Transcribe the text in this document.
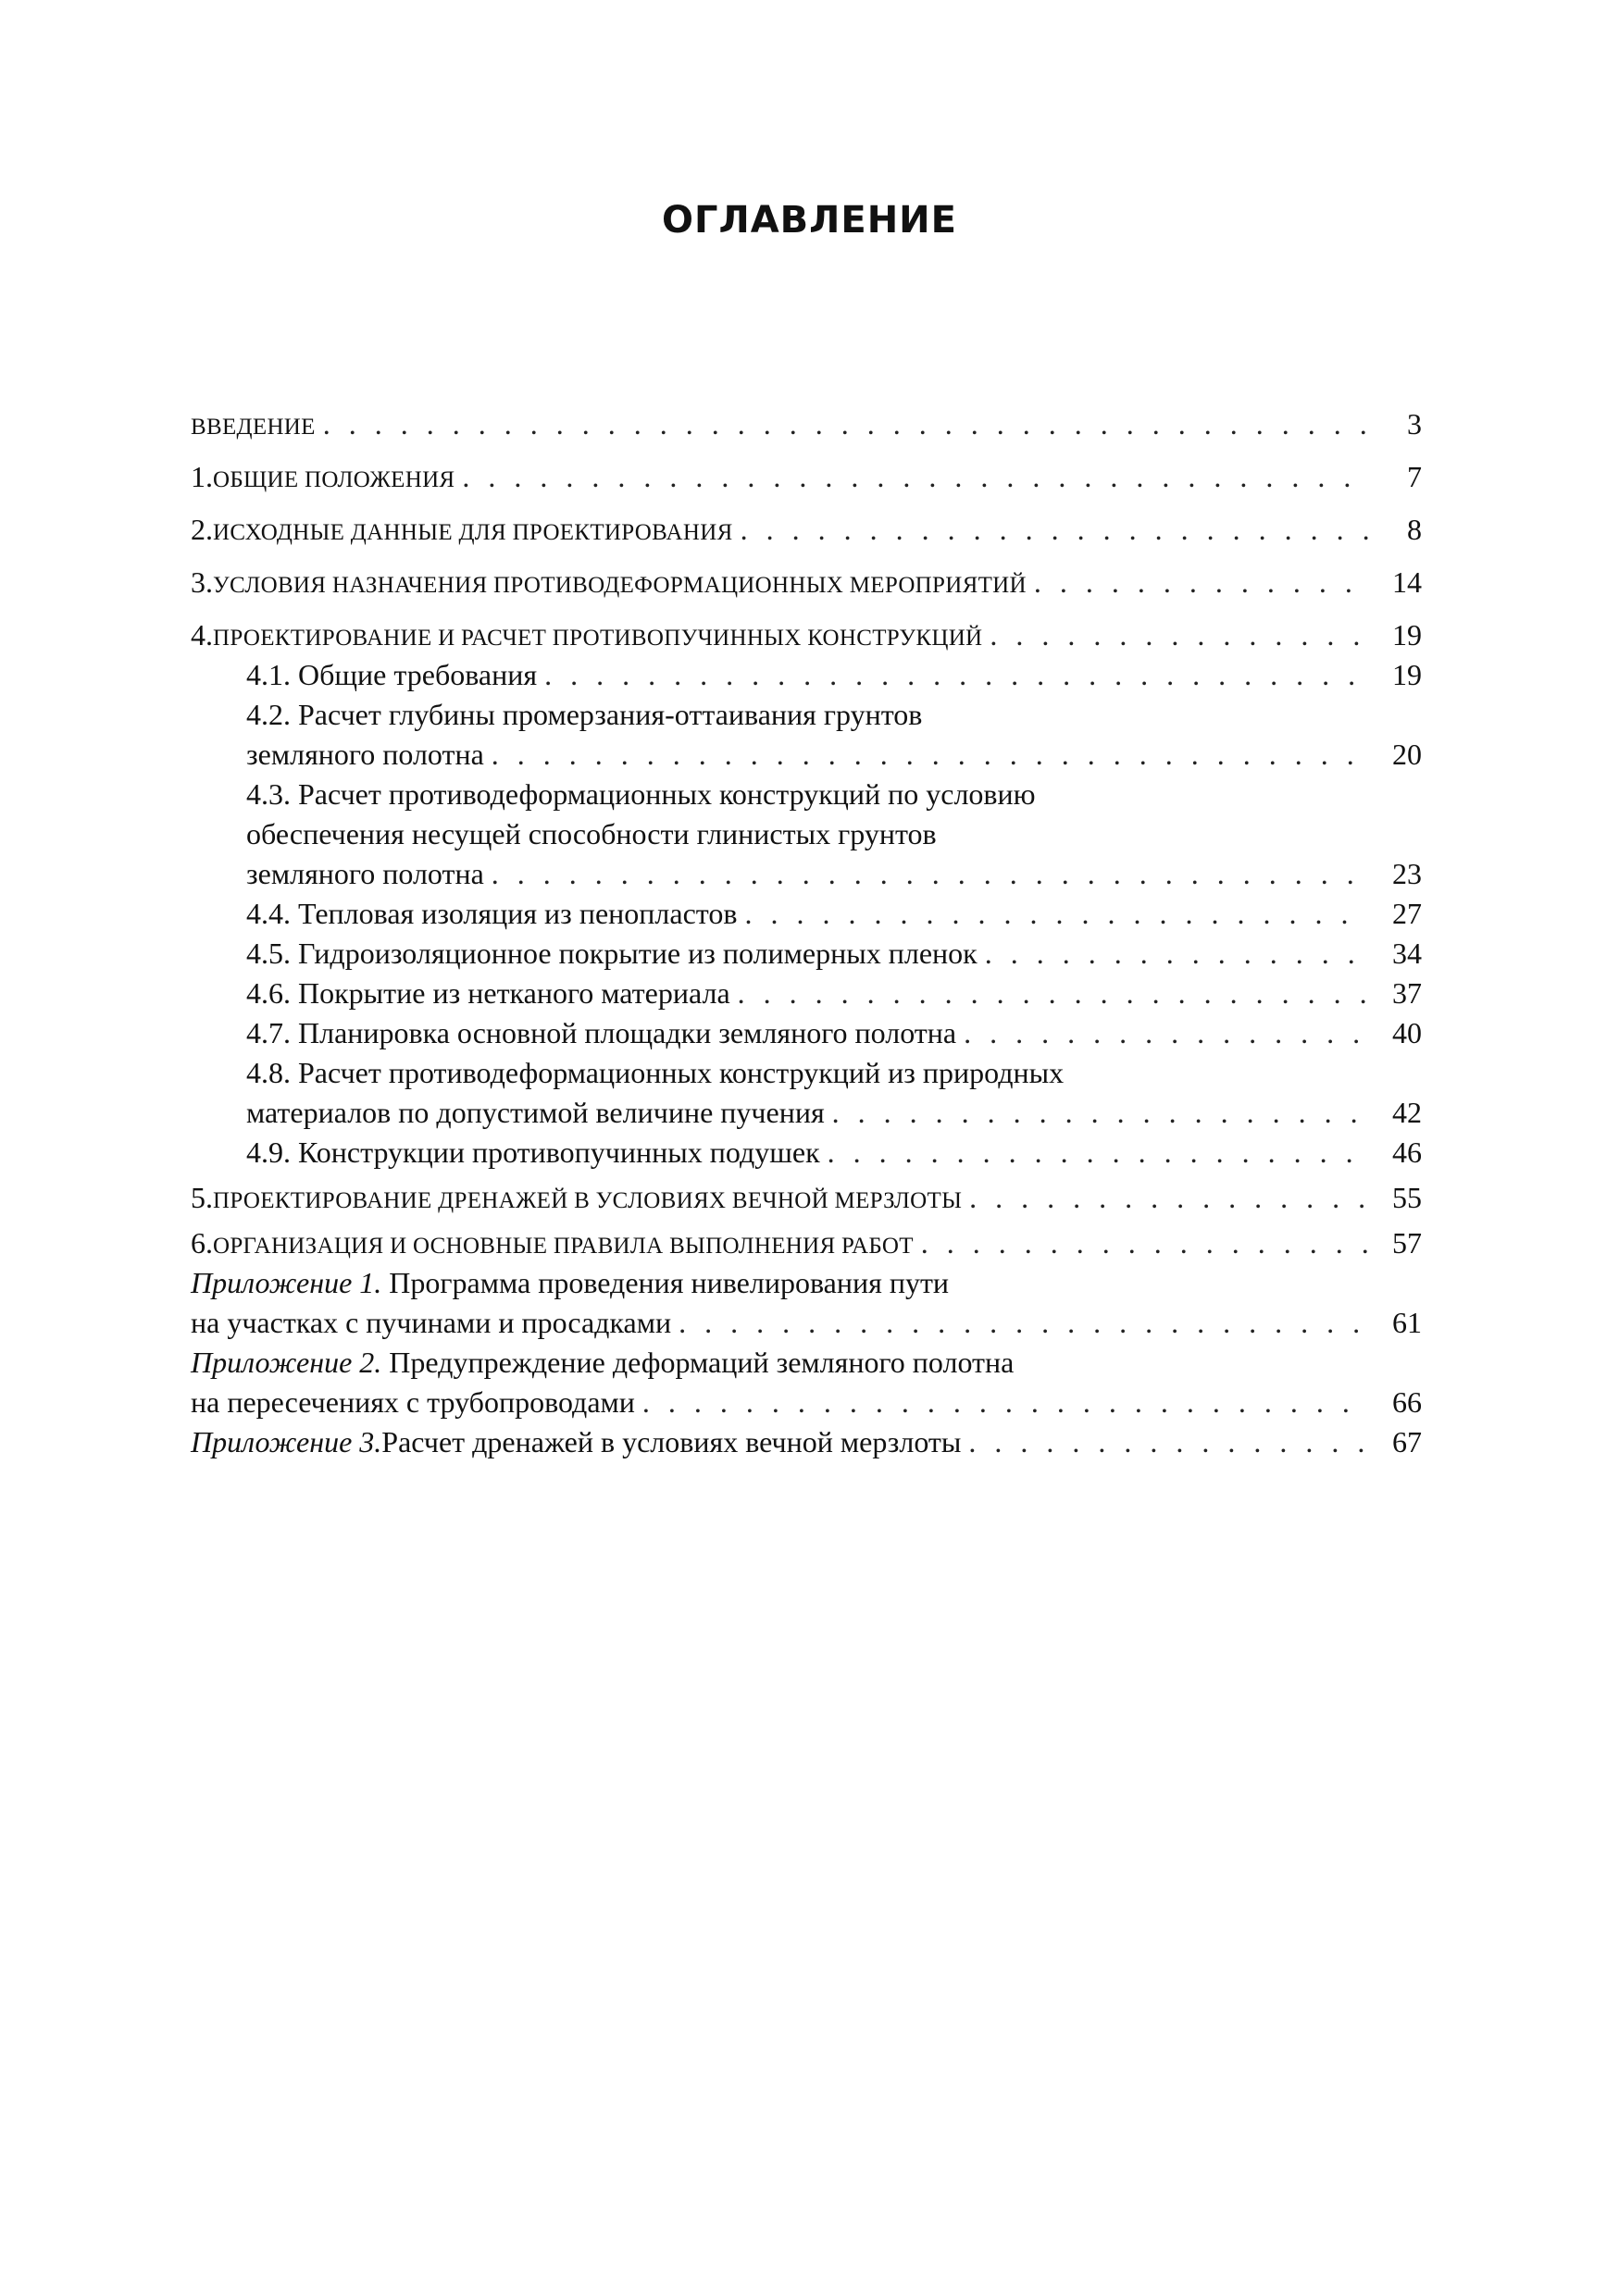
ОГЛАВЛЕНИЕ
ВВЕДЕНИЕ . . .	3
1. ОБЩИЕ ПОЛОЖЕНИЯ . . .	7
2. ИСХОДНЫЕ ДАННЫЕ ДЛЯ ПРОЕКТИРОВАНИЯ . . .	8
3. УСЛОВИЯ НАЗНАЧЕНИЯ ПРОТИВОДЕФОРМАЦИОННЫХ МЕРОПРИЯТИЙ . . .	14
4. ПРОЕКТИРОВАНИЕ И РАСЧЕТ ПРОТИВОПУЧИННЫХ КОНСТРУКЦИЙ . . .	19
4.1. Общие требования . . .	19
4.2. Расчет глубины промерзания-оттаивания грунтов
земляного полотна . . .	20
4.3. Расчет противодеформационных конструкций по условию
обеспечения несущей способности глинистых грунтов
земляного полотна . . .	23
4.4. Тепловая изоляция из пенопластов . . .	27
4.5. Гидроизоляционное покрытие из полимерных пленок . . .	34
4.6. Покрытие из нетканого материала . . .	37
4.7. Планировка основной площадки земляного полотна . . .	40
4.8. Расчет противодеформационных конструкций из природных
материалов по допустимой величине пучения . . .	42
4.9. Конструкции противопучинных подушек . . .	46
5. ПРОЕКТИРОВАНИЕ ДРЕНАЖЕЙ В УСЛОВИЯХ ВЕЧНОЙ МЕРЗЛОТЫ . . .	55
6. ОРГАНИЗАЦИЯ И ОСНОВНЫЕ ПРАВИЛА ВЫПОЛНЕНИЯ РАБОТ . . .	57
Приложение 1. Программа проведения нивелирования пути
на участках с пучинами и просадками . . .	61
Приложение 2. Предупреждение деформаций земляного полотна
на пересечениях с трубопроводами . . .	66
Приложение 3. Расчет дренажей в условиях вечной мерзлоты . . .	67
